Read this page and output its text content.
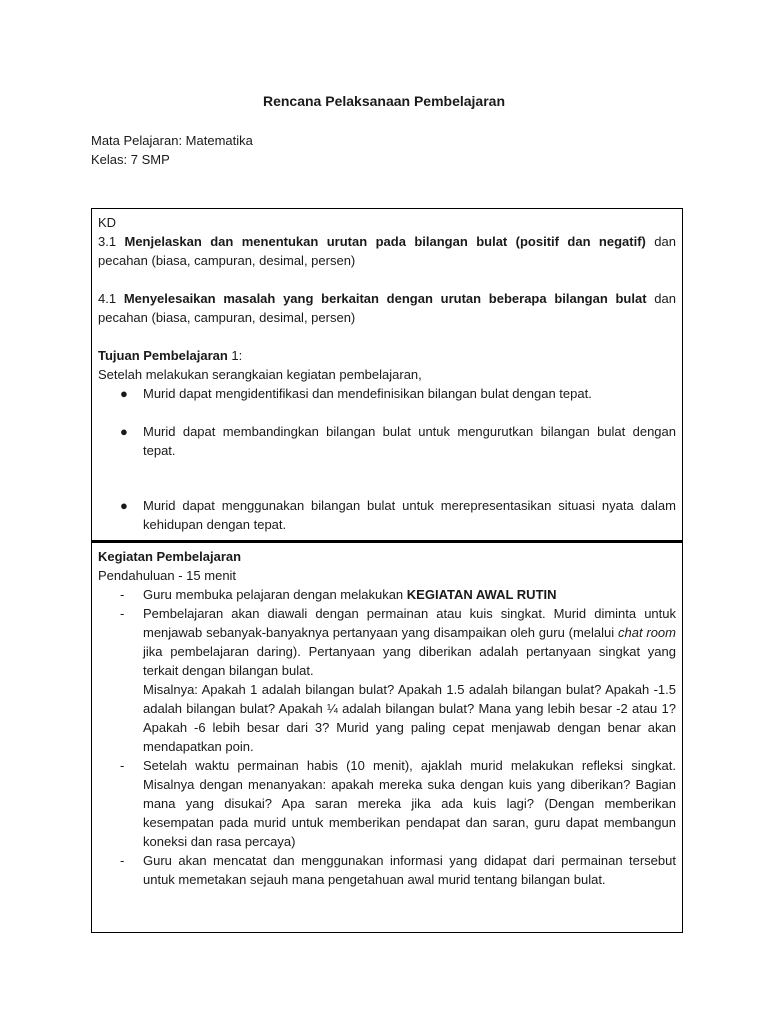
Rencana Pelaksanaan Pembelajaran
Mata Pelajaran: Matematika
Kelas: 7 SMP

KD

3.1 Menjelaskan dan menentukan urutan pada bilangan bulat (positif dan negatif) dan pecahan (biasa, campuran, desimal, persen)

4.1 Menyelesaikan masalah yang berkaitan dengan urutan beberapa bilangan bulat dan pecahan (biasa, campuran, desimal, persen)

Tujuan Pembelajaran 1:

Setelah melakukan serangkaian kegiatan pembelajaran,

● Murid dapat mengidentifikasi dan mendefinisikan bilangan bulat dengan tepat.
● Murid dapat membandingkan bilangan bulat untuk mengurutkan bilangan bulat dengan tepat.
● Murid dapat menggunakan bilangan bulat untuk merepresentasikan situasi nyata dalam kehidupan dengan tepat.

Kegiatan Pembelajaran

Pendahuluan - 15 menit

- Guru membuka pelajaran dengan melakukan KEGIATAN AWAL RUTIN
- Pembelajaran akan diawali dengan permainan atau kuis singkat. Murid diminta untuk menjawab sebanyak-banyaknya pertanyaan yang disampaikan oleh guru (melalui chat room jika pembelajaran daring). Pertanyaan yang diberikan adalah pertanyaan singkat yang terkait dengan bilangan bulat.
Misalnya: Apakah 1 adalah bilangan bulat? Apakah 1.5 adalah bilangan bulat? Apakah -1.5 adalah bilangan bulat? Apakah ¼ adalah bilangan bulat? Mana yang lebih besar -2 atau 1? Apakah -6 lebih besar dari 3? Murid yang paling cepat menjawab dengan benar akan mendapatkan poin.
- Setelah waktu permainan habis (10 menit), ajaklah murid melakukan refleksi singkat. Misalnya dengan menanyakan: apakah mereka suka dengan kuis yang diberikan? Bagian mana yang disukai? Apa saran mereka jika ada kuis lagi? (Dengan memberikan kesempatan pada murid untuk memberikan pendapat dan saran, guru dapat membangun koneksi dan rasa percaya)
- Guru akan mencatat dan menggunakan informasi yang didapat dari permainan tersebut untuk memetakan sejauh mana pengetahuan awal murid tentang bilangan bulat.
